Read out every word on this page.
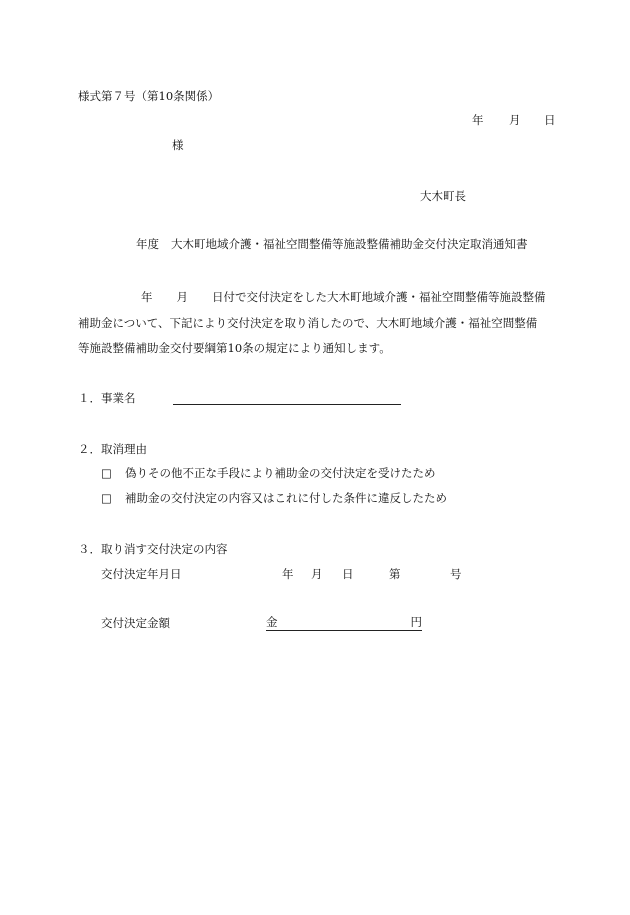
様式第７号（第10条関係）
年 月 日
様
大木町長
年度 大木町地域介護・福祉空間整備等施設整備補助金交付決定取消通知書
年 月 日付で交付決定をした大木町地域介護・福祉空間整備等施設整備
補助金について、下記により交付決定を取り消したので、大木町地域介護・福祉空間整備
等施設整備補助金交付要綱第10条の規定により通知します。
１．事業名
２．取消理由
□ 偽りその他不正な手段により補助金の交付決定を受けたため
□ 補助金の交付決定の内容又はこれに付した条件に違反したため
３．取り消す交付決定の内容
交付決定年月日	年 月 日	第	号
交付決定金額	金	円
